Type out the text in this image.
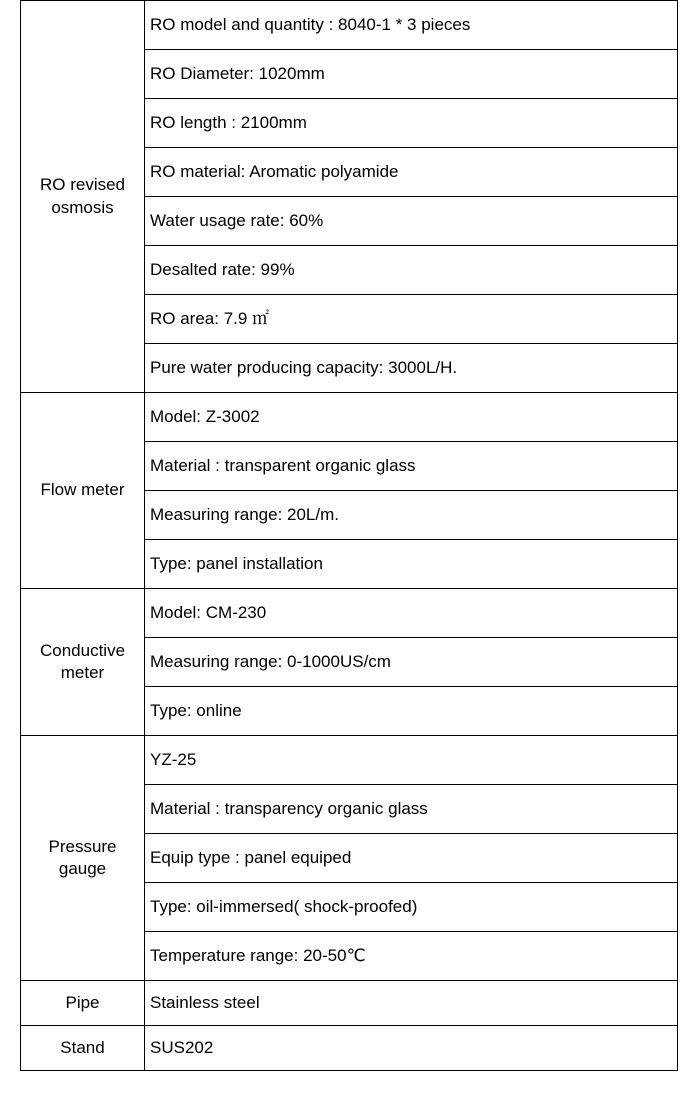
RO revised
osmosis	RO model and quantity : 8040-1 * 3 pieces
	RO Diameter: 1020mm
	RO length : 2100mm
	RO material: Aromatic polyamide
	Water usage rate: 60%
	Desalted rate: 99%
	RO area: 7.9 ㎡
	Pure water producing capacity: 3000L/H.
Flow meter	Model: Z-3002
	Material : transparent organic glass
	Measuring range: 20L/m.
	Type: panel installation
Conductive
meter	Model: CM-230
	Measuring range: 0-1000US/cm
	Type: online
Pressure
gauge	YZ-25
	Material : transparency organic glass
	Equip type : panel equiped
	Type: oil-immersed( shock-proofed)
	Temperature range: 20-50℃
Pipe	Stainless steel
Stand	SUS202
